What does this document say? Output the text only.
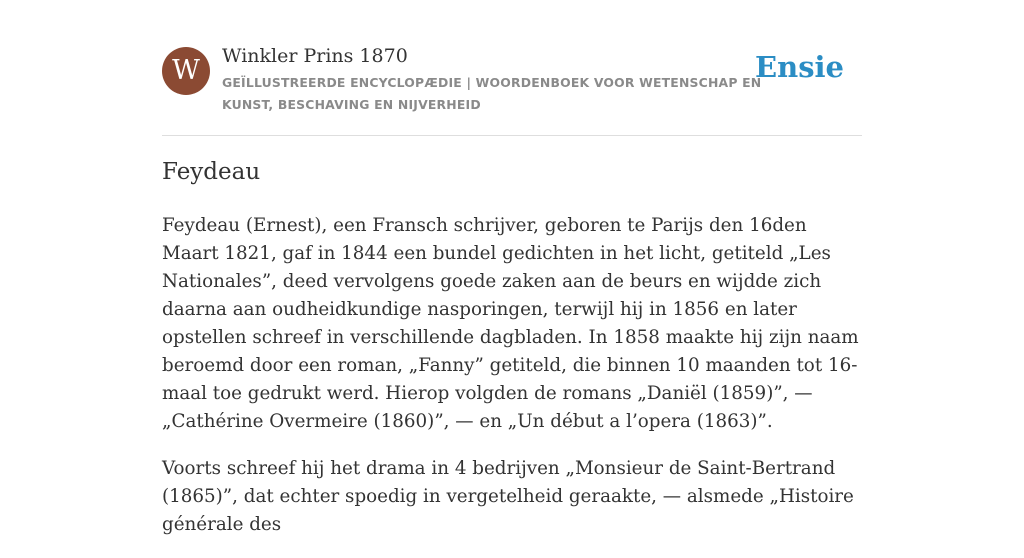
W	Winkler Prins 1870
GEÏLLUSTREERDE ENCYCLOPÆDIE | WOORDENBOEK VOOR WETENSCHAP EN KUNST, BESCHAVING EN NIJVERHEID
Ensie
Feydeau

Feydeau (Ernest), een Fransch schrijver, geboren te Parijs den 16den Maart 1821, gaf in 1844 een bundel gedichten in het licht, getiteld „Les Nationales”, deed vervolgens goede zaken aan de beurs en wijdde zich daarna aan oudheidkundige nasporingen, terwijl hij in 1856 en later opstellen schreef in verschillende dagbladen. In 1858 maakte hij zijn naam beroemd door een roman, „Fanny” getiteld, die binnen 10 maanden tot 16-maal toe gedrukt werd. Hierop volgden de romans „Daniël (1859)”, — „Cathérine Overmeire (1860)”, — en „Un début a l’opera (1863)”.

Voorts schreef hij het drama in 4 bedrijven „Monsieur de Saint-Bertrand (1865)”, dat echter spoedig in vergetelheid geraakte, — alsmede „Histoire générale des
